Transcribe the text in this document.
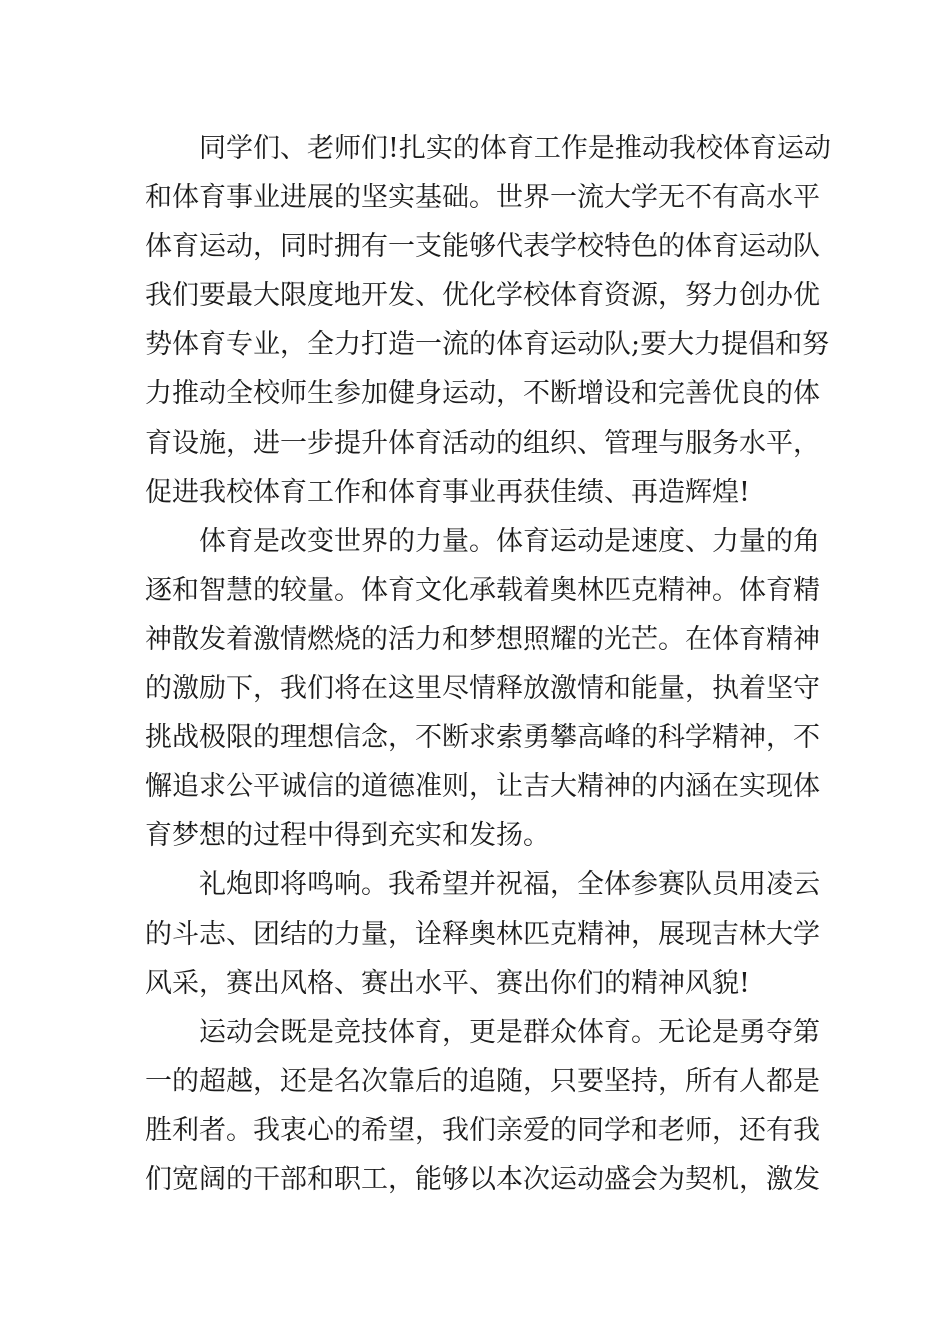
同学们、老师们!扎实的体育工作是推动我校体育运动

和体育事业进展的坚实基础。世界一流大学无不有高水平

体育运动，同时拥有一支能够代表学校特色的体育运动队

我们要最大限度地开发、优化学校体育资源，努力创办优

势体育专业，全力打造一流的体育运动队;要大力提倡和努

力推动全校师生参加健身运动，不断增设和完善优良的体

育设施，进一步提升体育活动的组织、管理与服务水平，

促进我校体育工作和体育事业再获佳绩、再造辉煌!

体育是改变世界的力量。体育运动是速度、力量的角

逐和智慧的较量。体育文化承载着奥林匹克精神。体育精

神散发着激情燃烧的活力和梦想照耀的光芒。在体育精神

的激励下，我们将在这里尽情释放激情和能量，执着坚守

挑战极限的理想信念，不断求索勇攀高峰的科学精神，不

懈追求公平诚信的道德准则，让吉大精神的内涵在实现体

育梦想的过程中得到充实和发扬。

礼炮即将鸣响。我希望并祝福，全体参赛队员用凌云

的斗志、团结的力量，诠释奥林匹克精神，展现吉林大学

风采，赛出风格、赛出水平、赛出你们的精神风貌!

运动会既是竞技体育，更是群众体育。无论是勇夺第

一的超越，还是名次靠后的追随，只要坚持，所有人都是

胜利者。我衷心的希望，我们亲爱的同学和老师，还有我

们宽阔的干部和职工，能够以本次运动盛会为契机，激发
